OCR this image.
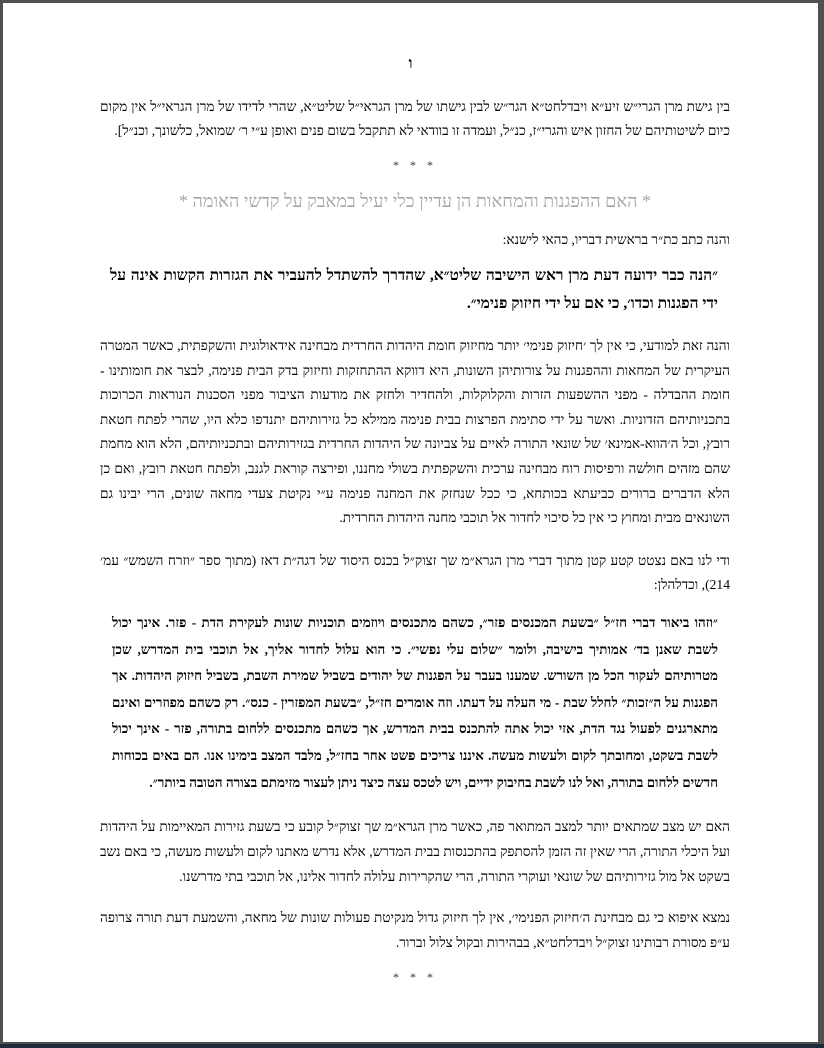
ו

בין גישת מרן הגרי״ש זיע״א ויבדלחט״א הגר״ש לבין גישתו של מרן הגראי״ל שליט״א, שהרי לדידו של מרן הגראי״ל אין מקום כיום לשיטותיהם של החזון איש והגרי״ז, כנ״ל, ועמדה זו בוודאי לא תתקבל בשום פנים ואופן ע״י ר׳ שמואל, כלשונך, וכנ״ל].

* * *

* האם ההפגנות והמחאות הן עדיין כלי יעיל במאבק על קדשי האומה *

והנה כתב כת״ר בראשית דבריו, כהאי לישנא:

״הנה כבר ידועה דעת מרן ראש הישיבה שליט״א, שהדרך להשתדל להעביר את הגזרות הקשות אינה על ידי הפגנות וכדו׳, כי אם על ידי חיזוק פנימי״.

והנה זאת למודעי, כי אין לך ׳חיזוק פנימי׳ יותר מחיזוק חומת היהדות החרדית מבחינה אידאולוגית והשקפתית, כאשר המטרה העיקרית של המחאות וההפגנות על צורותיהן השונות, היא דווקא ההתחזקות וחיזוק בדק הבית פנימה, לבצר את חומותינו - חומת ההבדלה - מפני ההשפעות הזרות והקלוקלות, ולהחדיר ולחזק את מודעות הציבור מפני הסכנות הנוראות הכרוכות בתכניותיהם הזדוניות. ואשר על ידי סתימת הפרצות בבית פנימה ממילא כל גזירותיהם יתנדפו כלא היו, שהרי לפתח חטאת רובץ, וכל ה׳הווא-אמינא׳ של שונאי התורה לאיים על צביונה של היהדות החרדית בגזירותיהם ובתכניותיהם, הלא הוא מחמת שהם מזהים חולשה ורפיסות רוח מבחינה ערכית והשקפתית בשולי מחננו, ופירצה קוראת לגנב, ולפתח חטאת רובץ, ואם כן הלא הדברים ברורים כביעתא בכותחא, כי ככל שנחזק את המחנה פנימה ע״י נקיטת צעדי מחאה שונים, הרי יבינו גם השונאים מבית ומחוץ כי אין כל סיכוי לחדור אל תוכבי מחנה היהדות החרדית.

ודי לנו באם נצטט קטע קטן מתוך דברי מרן הגרא״מ שך זצוק״ל בכנס היסוד של דגה״ת דאז (מתוך ספר ״וזרח השמש״ עמ׳ 214), וכדלהלן:

״וזהו ביאור דברי חז״ל ״בשעת המכנסים פזר״, כשהם מתכנסים ויוזמים תוכניות שונות לעקירת הדת - פזר. אינך יכול לשבת שאנן בד׳ אמותיך בישיבה, ולומר ״שלום עלי נפשי״. כי הוא עלול לחדור אליך, אל תוכבי בית המדרש, שכן מטרותיהם לעקור הכל מן השורש. שמענו בעבר על הפגנות של יהודים בשביל שמירת השבת, בשביל חיזוק היהדות. אך הפגנות על ה״זכות״ לחלל שבת - מי העלה על דעתו. וזה אומרים חז״ל, ״בשעת המפזרין - כנס״. רק כשהם מפוזרים ואינם מתארגנים לפעול נגד הדת, אזי יכול אתה להתכנס בבית המדרש, אך כשהם מתכנסים ללחום בתורה, פזר - אינך יכול לשבת בשקט, ומחובתך לקום ולעשות מעשה. איננו צריכים פשט אחר בחז״ל, מלבד המצב בימינו אנו. הם באים בכוחות חדשים ללחום בתורה, ואל לנו לשבת בחיבוק ידיים, ויש לטכס עצה כיצד ניתן לעצור מזימתם בצורה הטובה ביותר״.

האם יש מצב שמתאים יותר למצב המתואר פה, כאשר מרן הגרא״מ שך זצוק״ל קובע כי בשעת גזירות המאיימות על היהדות ועל היכלי התורה, הרי שאין זה הזמן להסתפק בהתכנסות בבית המדרש, אלא נדרש מאתנו לקום ולעשות מעשה, כי באם נשב בשקט אל מול גזירותיהם של שונאי ועוקרי התורה, הרי שהקרירות עלולה לחדור אלינו, אל תוכבי בתי מדרשנו.

נמצא איפוא כי גם מבחינת ה׳חיזוק הפנימי׳, אין לך חיזוק גדול מנקיטת פעולות שונות של מחאה, והשמעת דעת תורה צרופה ע״פ מסורת רבותינו זצוק״ל ויבדלחט״א, בבהירות ובקול צלול וברור.

* * *
